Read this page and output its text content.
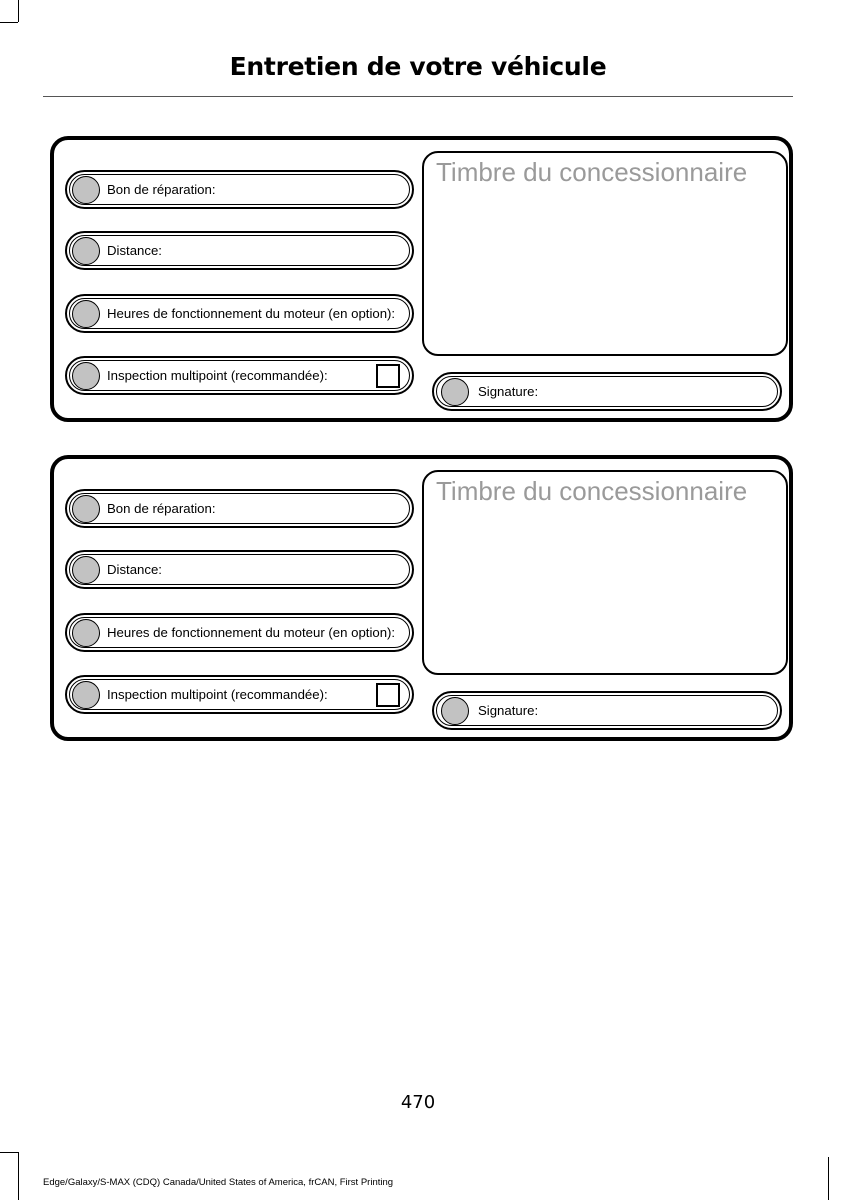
Entretien de votre véhicule
Bon de réparation:
Distance:
Heures de fonctionnement du moteur (en option):
Inspection multipoint (recommandée):
Timbre du concessionnaire
Signature:
Bon de réparation:
Distance:
Heures de fonctionnement du moteur (en option):
Inspection multipoint (recommandée):
Timbre du concessionnaire
Signature:
470
Edge/Galaxy/S-MAX (CDQ) Canada/United States of America, frCAN, First Printing
